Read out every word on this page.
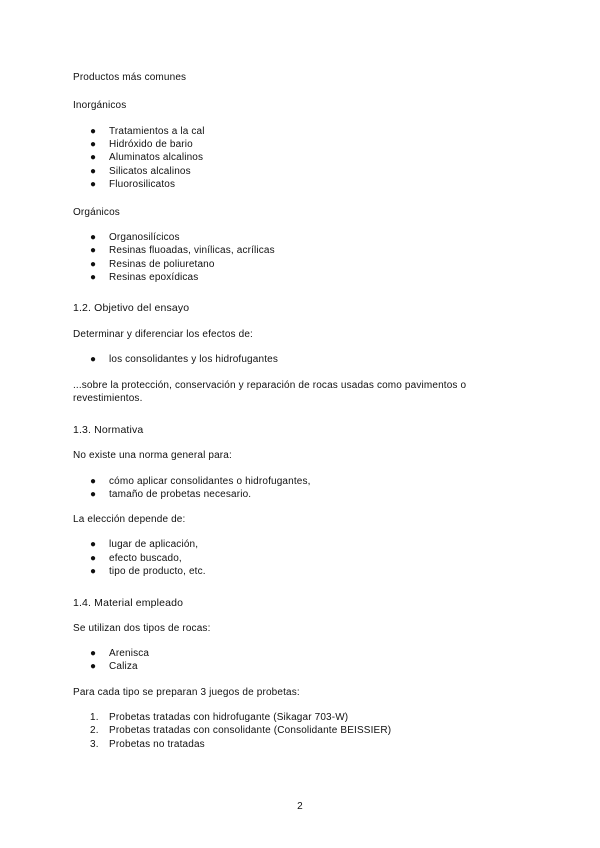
Productos más comunes
Inorgánicos
● Tratamientos a la cal
● Hidróxido de bario
● Aluminatos alcalinos
● Silicatos alcalinos
● Fluorosilicatos
Orgánicos
● Organosilícicos
● Resinas fluoadas, vinílicas, acrílicas
● Resinas de poliuretano
● Resinas epoxídicas
1.2. Objetivo del ensayo
Determinar y diferenciar los efectos de:
● los consolidantes y los hidrofugantes
...sobre la protección, conservación y reparación de rocas usadas como pavimentos o
revestimientos.
1.3. Normativa
No existe una norma general para:
● cómo aplicar consolidantes o hidrofugantes,
● tamaño de probetas necesario.
La elección depende de:
● lugar de aplicación,
● efecto buscado,
● tipo de producto, etc.
1.4. Material empleado
Se utilizan dos tipos de rocas:
● Arenisca
● Caliza
Para cada tipo se preparan 3 juegos de probetas:
1. Probetas tratadas con hidrofugante (Sikagar 703-W)
2. Probetas tratadas con consolidante (Consolidante BEISSIER)
3. Probetas no tratadas
2
